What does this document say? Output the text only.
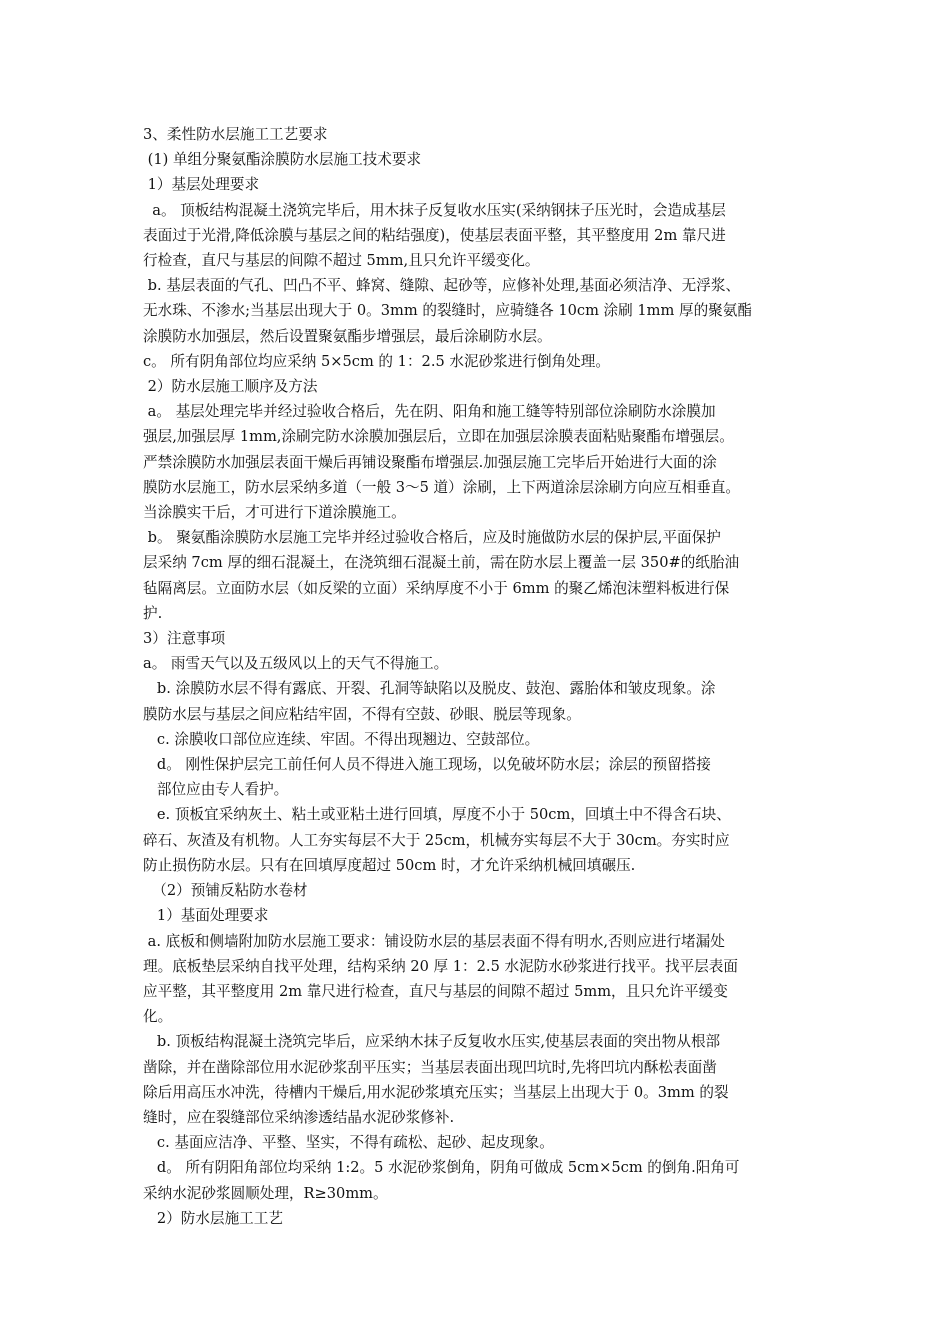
3、柔性防水层施工工艺要求
(1) 单组分聚氨酯涂膜防水层施工技术要求
1）基层处理要求
a。 顶板结构混凝土浇筑完毕后，用木抹子反复收水压实(采纳钢抹子压光时，会造成基层
表面过于光滑,降低涂膜与基层之间的粘结强度)，使基层表面平整，其平整度用 2m 靠尺进
行检查，直尺与基层的间隙不超过 5mm,且只允许平缓变化。
b. 基层表面的气孔、凹凸不平、蜂窝、缝隙、起砂等，应修补处理,基面必须洁净、无浮浆、
无水珠、不渗水;当基层出现大于 0。3mm 的裂缝时，应骑缝各 10cm 涂刷 1mm 厚的聚氨酯
涂膜防水加强层，然后设置聚氨酯步增强层，最后涂刷防水层。
c。 所有阴角部位均应采纳 5×5cm 的 1：2.5 水泥砂浆进行倒角处理。
2）防水层施工顺序及方法
a。 基层处理完毕并经过验收合格后，先在阴、阳角和施工缝等特别部位涂刷防水涂膜加
强层,加强层厚 1mm,涂刷完防水涂膜加强层后，立即在加强层涂膜表面粘贴聚酯布增强层。
严禁涂膜防水加强层表面干燥后再铺设聚酯布增强层.加强层施工完毕后开始进行大面的涂
膜防水层施工，防水层采纳多道（一般 3～5 道）涂刷，上下两道涂层涂刷方向应互相垂直。
当涂膜实干后，才可进行下道涂膜施工。
b。 聚氨酯涂膜防水层施工完毕并经过验收合格后，应及时施做防水层的保护层,平面保护
层采纳 7cm 厚的细石混凝土，在浇筑细石混凝土前，需在防水层上覆盖一层 350#的纸胎油
毡隔离层。立面防水层（如反梁的立面）采纳厚度不小于 6mm 的聚乙烯泡沫塑料板进行保
护.
3）注意事项
a。 雨雪天气以及五级风以上的天气不得施工。
b. 涂膜防水层不得有露底、开裂、孔洞等缺陷以及脱皮、鼓泡、露胎体和皱皮现象。涂
膜防水层与基层之间应粘结牢固，不得有空鼓、砂眼、脱层等现象。
c. 涂膜收口部位应连续、牢固。不得出现翘边、空鼓部位。
d。 刚性保护层完工前任何人员不得进入施工现场，以免破坏防水层；涂层的预留搭接
部位应由专人看护。
e. 顶板宜采纳灰土、粘土或亚粘土进行回填，厚度不小于 50cm，回填土中不得含石块、
碎石、灰渣及有机物。人工夯实每层不大于 25cm，机械夯实每层不大于 30cm。夯实时应
防止损伤防水层。只有在回填厚度超过 50cm 时，才允许采纳机械回填碾压.
（2）预铺反粘防水卷材
1）基面处理要求
a. 底板和侧墙附加防水层施工要求：铺设防水层的基层表面不得有明水,否则应进行堵漏处
理。底板垫层采纳自找平处理，结构采纳 20 厚 1：2.5 水泥防水砂浆进行找平。找平层表面
应平整，其平整度用 2m 靠尺进行检查，直尺与基层的间隙不超过 5mm，且只允许平缓变
化。
b. 顶板结构混凝土浇筑完毕后，应采纳木抹子反复收水压实,使基层表面的突出物从根部
凿除，并在凿除部位用水泥砂浆刮平压实；当基层表面出现凹坑时,先将凹坑内酥松表面凿
除后用高压水冲洗，待槽内干燥后,用水泥砂浆填充压实；当基层上出现大于 0。3mm 的裂
缝时，应在裂缝部位采纳渗透结晶水泥砂浆修补.
c. 基面应洁净、平整、坚实，不得有疏松、起砂、起皮现象。
d。 所有阴阳角部位均采纳 1:2。5 水泥砂浆倒角，阴角可做成 5cm×5cm 的倒角.阳角可
采纳水泥砂浆圆顺处理，R≥30mm。
2）防水层施工工艺
